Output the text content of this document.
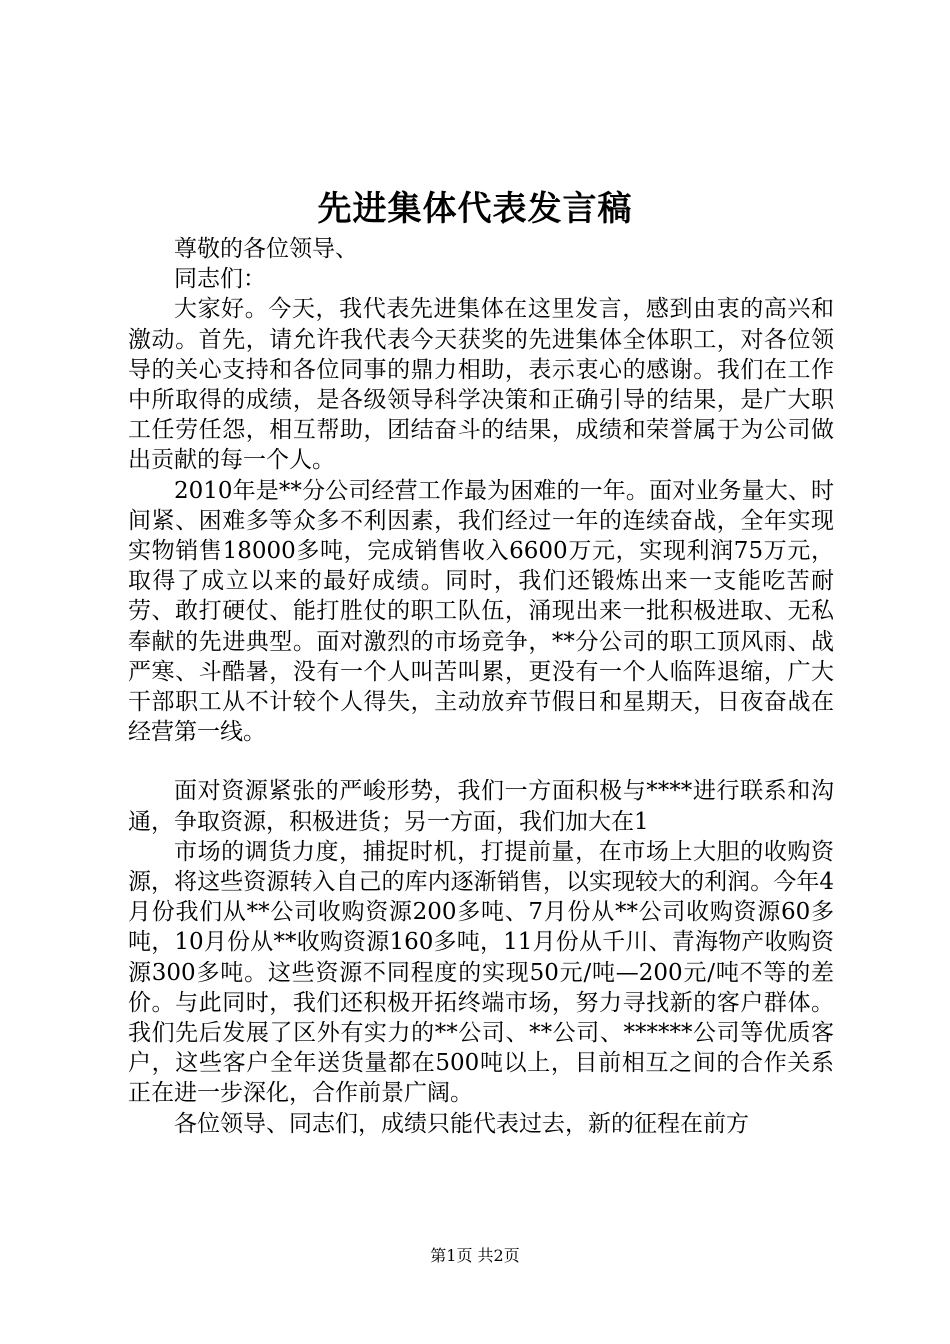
先进集体代表发言稿

尊敬的各位领导、

同志们：

大家好。今天，我代表先进集体在这里发言，感到由衷的高兴和激动。首先，请允许我代表今天获奖的先进集体全体职工，对各位领导的关心支持和各位同事的鼎力相助，表示衷心的感谢。我们在工作中所取得的成绩，是各级领导科学决策和正确引导的结果，是广大职工任劳任怨，相互帮助，团结奋斗的结果，成绩和荣誉属于为公司做出贡献的每一个人。

2010年是**分公司经营工作最为困难的一年。面对业务量大、时间紧、困难多等众多不利因素，我们经过一年的连续奋战，全年实现实物销售18000多吨，完成销售收入6600万元，实现利润75万元，取得了成立以来的最好成绩。同时，我们还锻炼出来一支能吃苦耐劳、敢打硬仗、能打胜仗的职工队伍，涌现出来一批积极进取、无私奉献的先进典型。面对激烈的市场竞争，**分公司的职工顶风雨、战严寒、斗酷暑，没有一个人叫苦叫累，更没有一个人临阵退缩，广大干部职工从不计较个人得失，主动放弃节假日和星期天，日夜奋战在经营第一线。

面对资源紧张的严峻形势，我们一方面积极与****进行联系和沟通，争取资源，积极进货；另一方面，我们加大在1

市场的调货力度，捕捉时机，打提前量，在市场上大胆的收购资源，将这些资源转入自己的库内逐渐销售，以实现较大的利润。今年4月份我们从**公司收购资源200多吨、7月份从**公司收购资源60多吨，10月份从**收购资源160多吨，11月份从千川、青海物产收购资源300多吨。这些资源不同程度的实现50元/吨—200元/吨不等的差价。与此同时，我们还积极开拓终端市场，努力寻找新的客户群体。我们先后发展了区外有实力的**公司、**公司、******公司等优质客户，这些客户全年送货量都在500吨以上，目前相互之间的合作关系正在进一步深化，合作前景广阔。

各位领导、同志们，成绩只能代表过去，新的征程在前方

第1页 共2页
